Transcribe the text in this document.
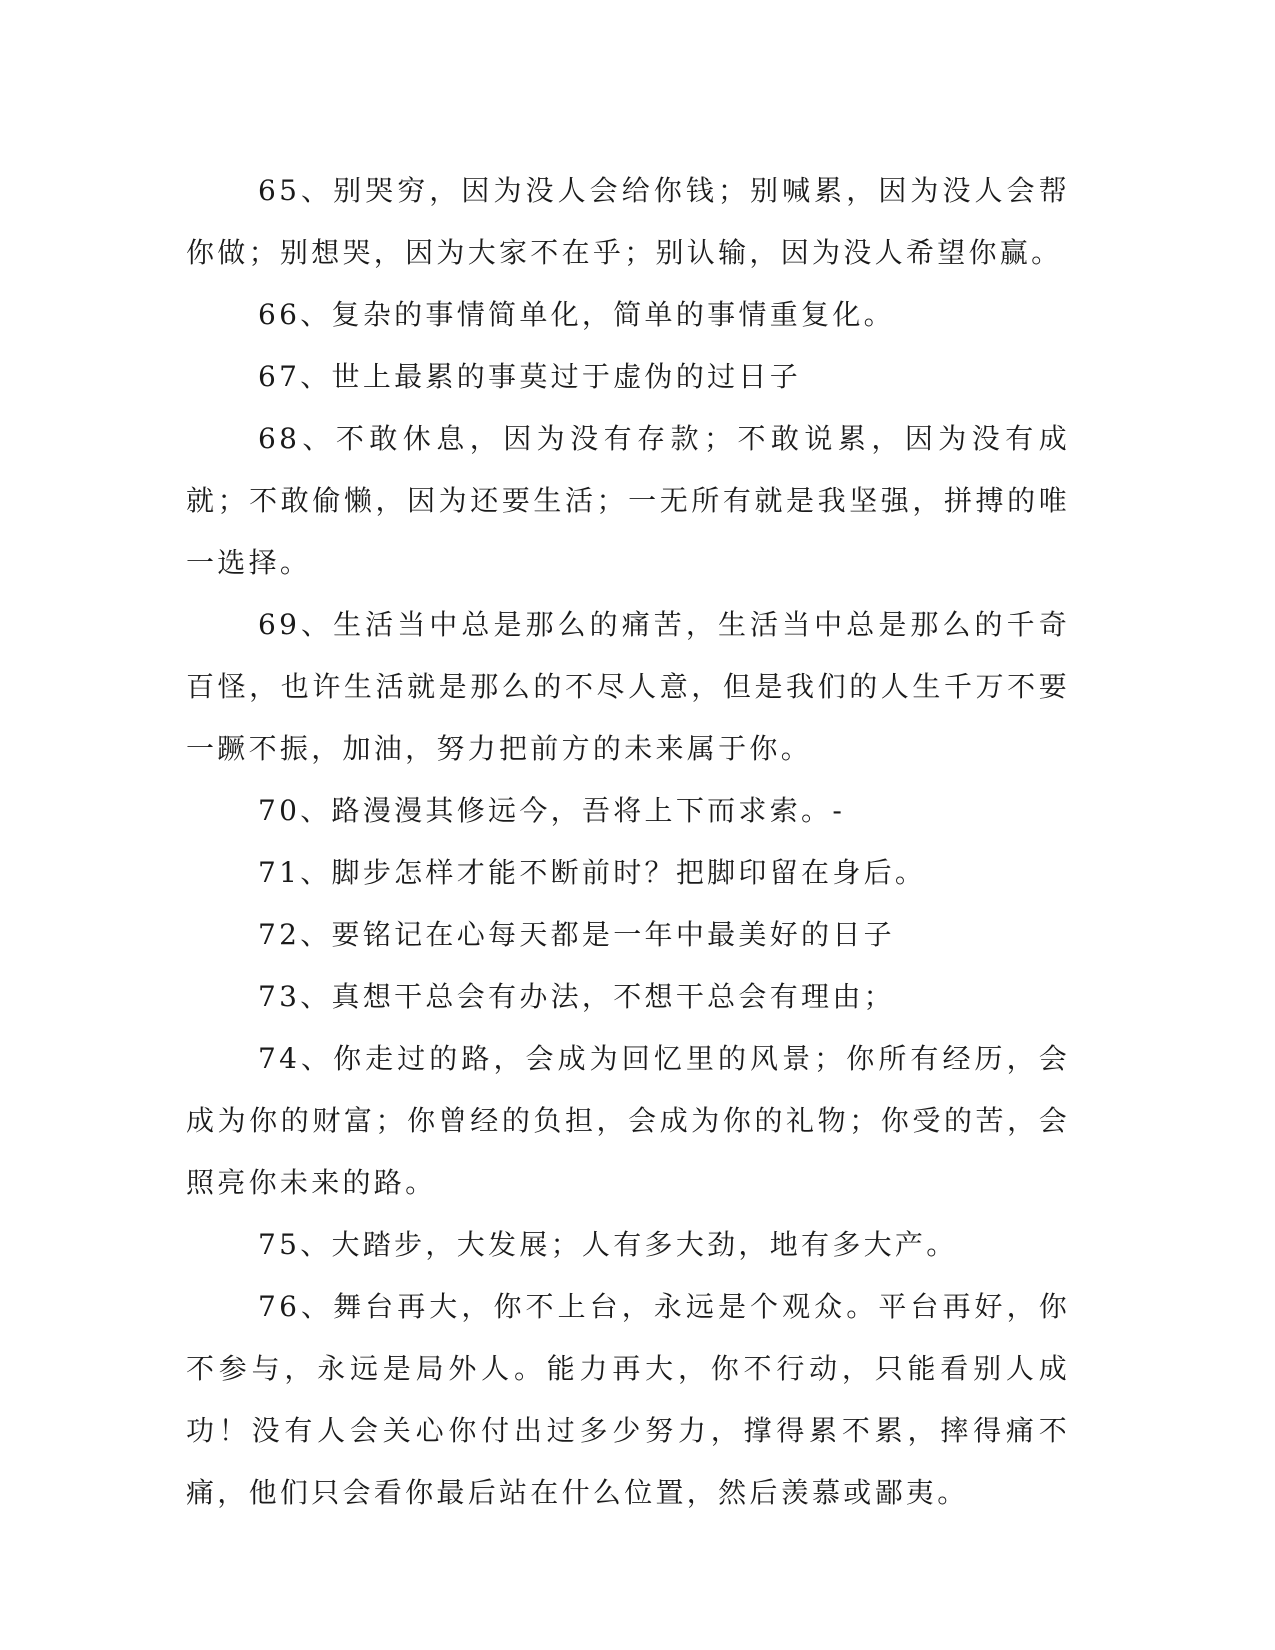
65、别哭穷，因为没人会给你钱；别喊累，因为没人会帮你做；别想哭，因为大家不在乎；别认输，因为没人希望你赢。

66、复杂的事情简单化，简单的事情重复化。

67、世上最累的事莫过于虚伪的过日子

68、不敢休息，因为没有存款；不敢说累，因为没有成就；不敢偷懒，因为还要生活；一无所有就是我坚强，拼搏的唯一选择。

69、生活当中总是那么的痛苦，生活当中总是那么的千奇百怪，也许生活就是那么的不尽人意，但是我们的人生千万不要一蹶不振，加油，努力把前方的未来属于你。

70、路漫漫其修远今，吾将上下而求索。-

71、脚步怎样才能不断前时？把脚印留在身后。

72、要铭记在心每天都是一年中最美好的日子

73、真想干总会有办法，不想干总会有理由；

74、你走过的路，会成为回忆里的风景；你所有经历，会成为你的财富；你曾经的负担，会成为你的礼物；你受的苦，会照亮你未来的路。

75、大踏步，大发展；人有多大劲，地有多大产。

76、舞台再大，你不上台，永远是个观众。平台再好，你不参与，永远是局外人。能力再大，你不行动，只能看别人成功！没有人会关心你付出过多少努力，撑得累不累，摔得痛不痛，他们只会看你最后站在什么位置，然后羡慕或鄙夷。
